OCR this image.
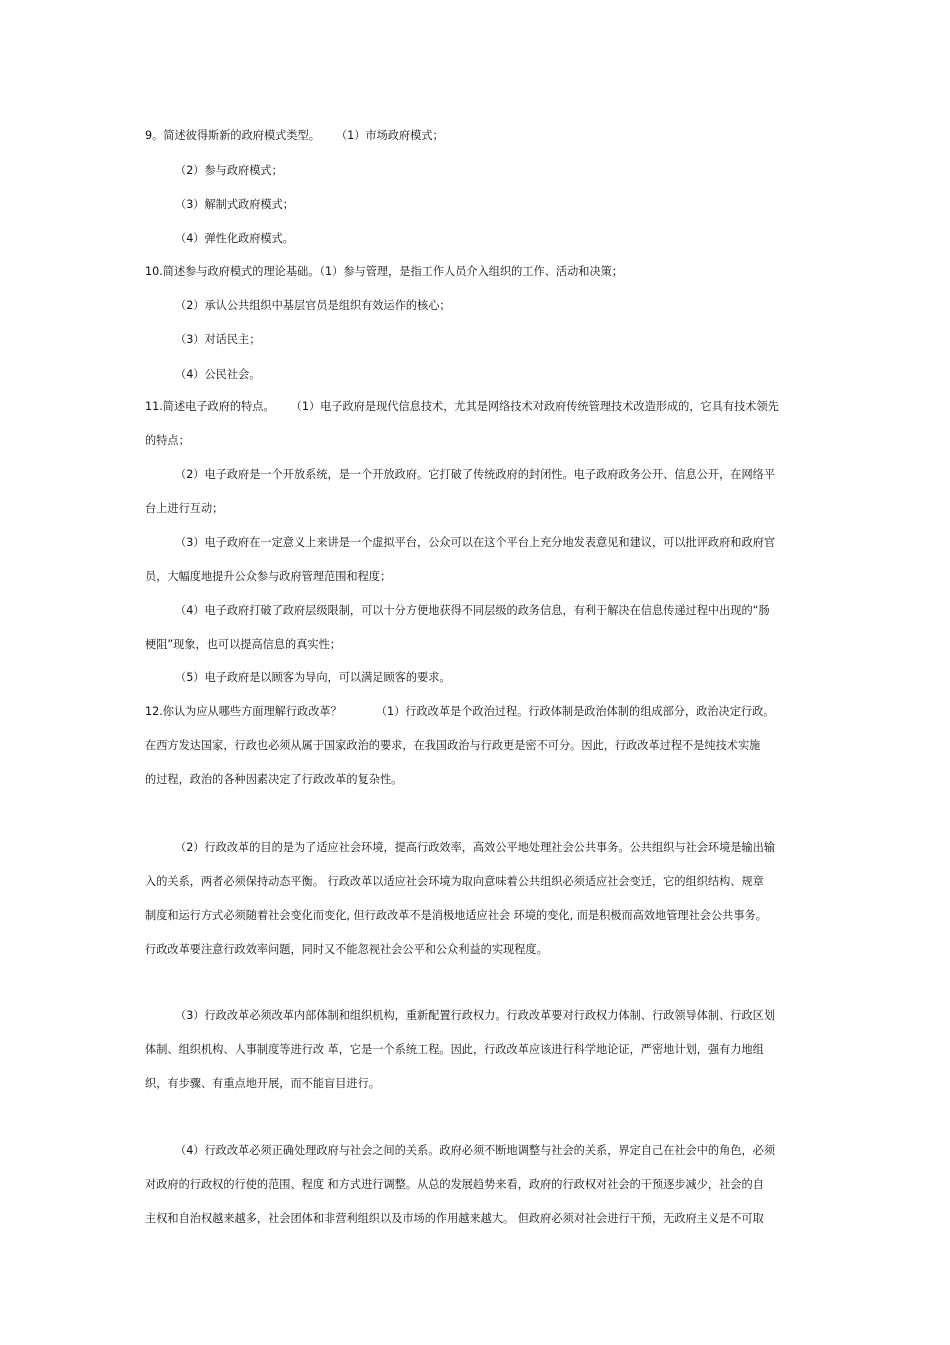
9。简述彼得斯新的政府模式类型。 （1）市场政府模式；
（2）参与政府模式；
（3）解制式政府模式；
（4）弹性化政府模式。
10.简述参与政府模式的理论基础。（1）参与管理，是指工作人员介入组织的工作、活动和决策；
（2）承认公共组织中基层官员是组织有效运作的核心；
（3）对话民主；
（4）公民社会。
11.简述电子政府的特点。 （1）电子政府是现代信息技术，尤其是网络技术对政府传统管理技术改造形成的，它具有技术领先
的特点；
（2）电子政府是一个开放系统，是一个开放政府。它打破了传统政府的封闭性。电子政府政务公开、信息公开，在网络平
台上进行互动；
（3）电子政府在一定意义上来讲是一个虚拟平台，公众可以在这个平台上充分地发表意见和建议，可以批评政府和政府官
员，大幅度地提升公众参与政府管理范围和程度；
（4）电子政府打破了政府层级限制，可以十分方便地获得不同层级的政务信息，有利于解决在信息传递过程中出现的“肠
梗阻”现象，也可以提高信息的真实性；
（5）电子政府是以顾客为导向，可以满足顾客的要求。
12.你认为应从哪些方面理解行政改革？	（1）行政改革是个政治过程。行政体制是政治体制的组成部分，政治决定行政。
在西方发达国家，行政也必须从属于国家政治的要求，在我国政治与行政更是密不可分。因此，行政改革过程不是纯技术实施
的过程，政治的各种因素决定了行政改革的复杂性。
（2）行政改革的目的是为了适应社会环境，提高行政效率，高效公平地处理社会公共事务。公共组织与社会环境是输出输
入的关系，两者必须保持动态平衡。 行政改革以适应社会环境为取向意味着公共组织必须适应社会变迁，它的组织结构、规章
制度和运行方式必须随着社会变化而变化, 但行政改革不是消极地适应社会 环境的变化, 而是积极而高效地管理社会公共事务。
行政改革要注意行政效率问题，同时又不能忽视社会公平和公众利益的实现程度。
（3）行政改革必须改革内部体制和组织机构，重新配置行政权力。行政改革要对行政权力体制、行政领导体制、行政区划
体制、组织机构、人事制度等进行改 革，它是一个系统工程。因此，行政改革应该进行科学地论证，严密地计划，强有力地组
织，有步骤、有重点地开展，而不能盲目进行。
（4）行政改革必须正确处理政府与社会之间的关系。政府必须不断地调整与社会的关系，界定自己在社会中的角色，必须
对政府的行政权的行使的范围、程度 和方式进行调整。从总的发展趋势来看，政府的行政权对社会的干预逐步减少，社会的自
主权和自治权越来越多，社会团体和非营利组织以及市场的作用越来越大。 但政府必须对社会进行干预，无政府主义是不可取
